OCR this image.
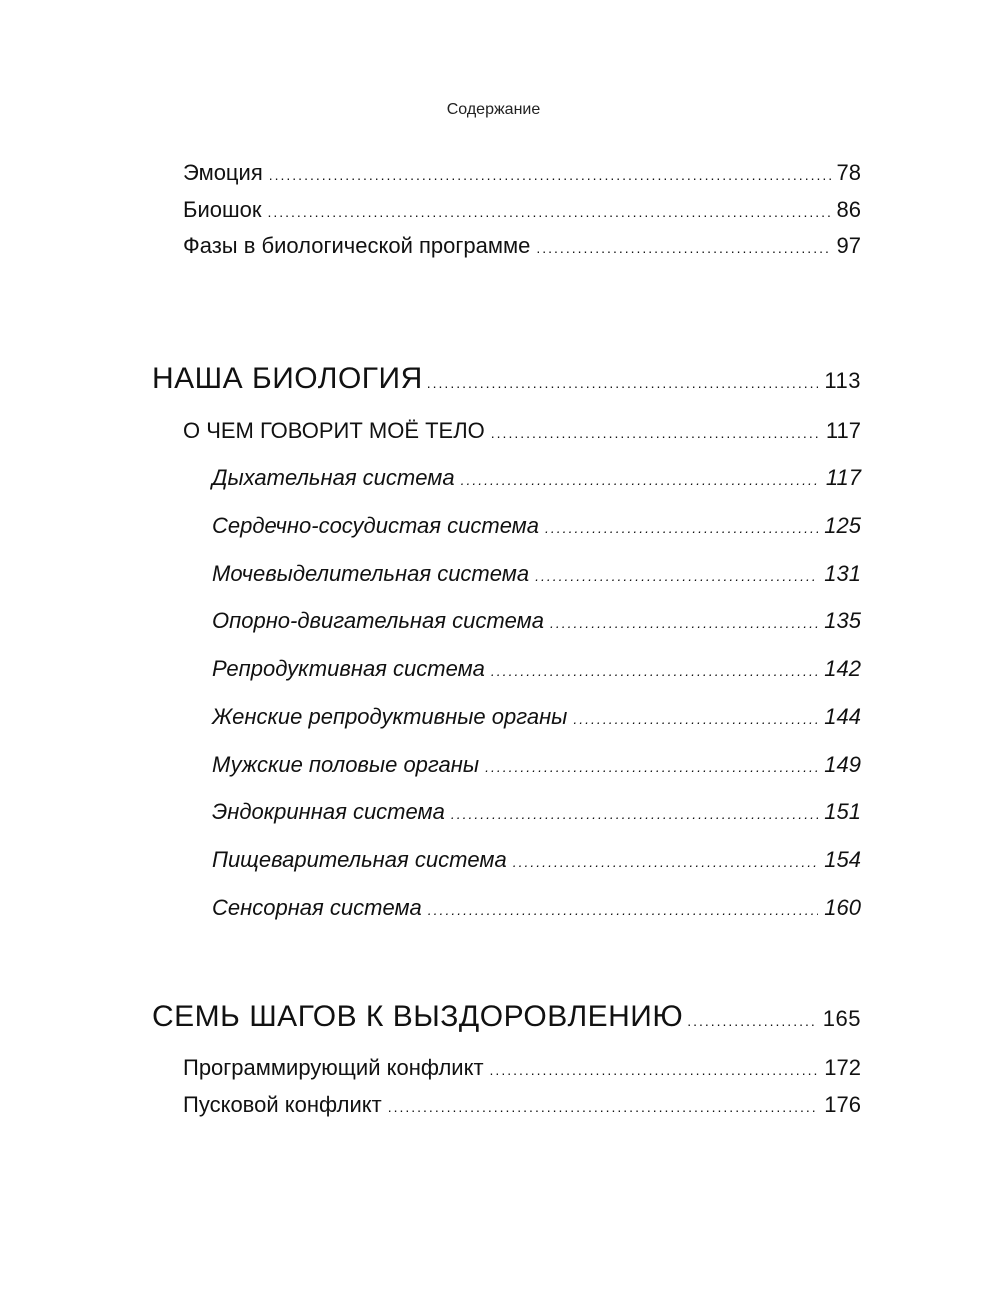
Содержание
Эмоция .....	78
Биошок .....	86
Фазы в биологической программе .....	97
НАША БИОЛОГИЯ .....	113
О ЧЕМ ГОВОРИТ МОЁ ТЕЛО .....	117
Дыхательная система .....	117
Сердечно-сосудистая система .....	125
Мочевыделительная система .....	131
Опорно-двигательная система .....	135
Репродуктивная система .....	142
Женские репродуктивные органы .....	144
Мужские половые органы .....	149
Эндокринная система .....	151
Пищеварительная система .....	154
Сенсорная система .....	160
СЕМЬ ШАГОВ К ВЫЗДОРОВЛЕНИЮ .....	165
Программирующий конфликт .....	172
Пусковой конфликт .....	176
